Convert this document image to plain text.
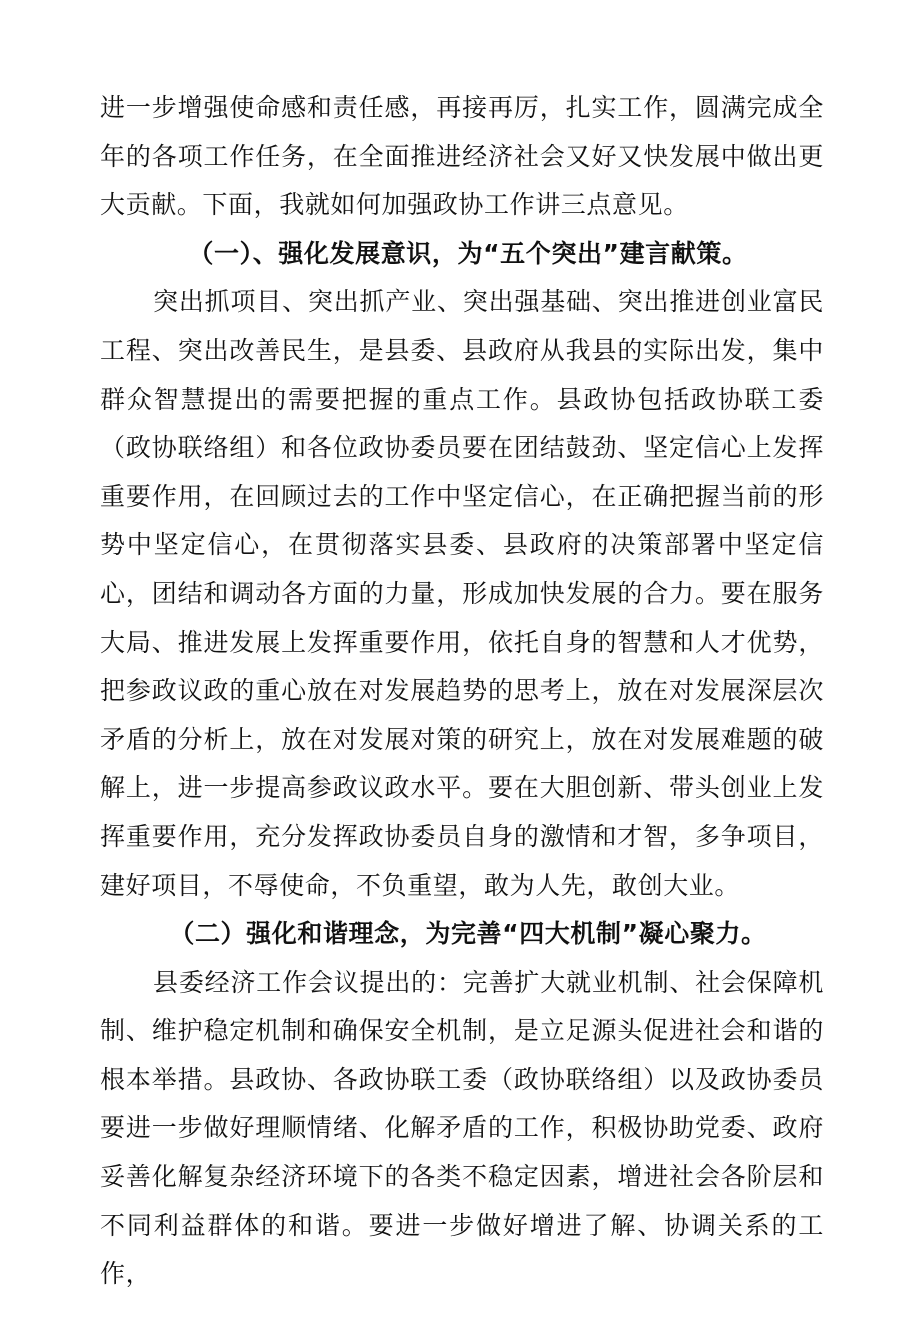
进一步增强使命感和责任感，再接再厉，扎实工作，圆满完成全年的各项工作任务，在全面推进经济社会又好又快发展中做出更大贡献。下面，我就如何加强政协工作讲三点意见。

（一）、强化发展意识，为“五个突出”建言献策。

突出抓项目、突出抓产业、突出强基础、突出推进创业富民工程、突出改善民生，是县委、县政府从我县的实际出发，集中群众智慧提出的需要把握的重点工作。县政协包括政协联工委（政协联络组）和各位政协委员要在团结鼓劲、坚定信心上发挥重要作用，在回顾过去的工作中坚定信心，在正确把握当前的形势中坚定信心，在贯彻落实县委、县政府的决策部署中坚定信心，团结和调动各方面的力量，形成加快发展的合力。要在服务大局、推进发展上发挥重要作用，依托自身的智慧和人才优势，把参政议政的重心放在对发展趋势的思考上，放在对发展深层次矛盾的分析上，放在对发展对策的研究上，放在对发展难题的破解上，进一步提高参政议政水平。要在大胆创新、带头创业上发挥重要作用，充分发挥政协委员自身的激情和才智，多争项目，建好项目，不辱使命，不负重望，敢为人先，敢创大业。

（二）强化和谐理念，为完善“四大机制”凝心聚力。

县委经济工作会议提出的：完善扩大就业机制、社会保障机制、维护稳定机制和确保安全机制，是立足源头促进社会和谐的根本举措。县政协、各政协联工委（政协联络组）以及政协委员要进一步做好理顺情绪、化解矛盾的工作，积极协助党委、政府妥善化解复杂经济环境下的各类不稳定因素，增进社会各阶层和不同利益群体的和谐。要进一步做好增进了解、协调关系的工作，
